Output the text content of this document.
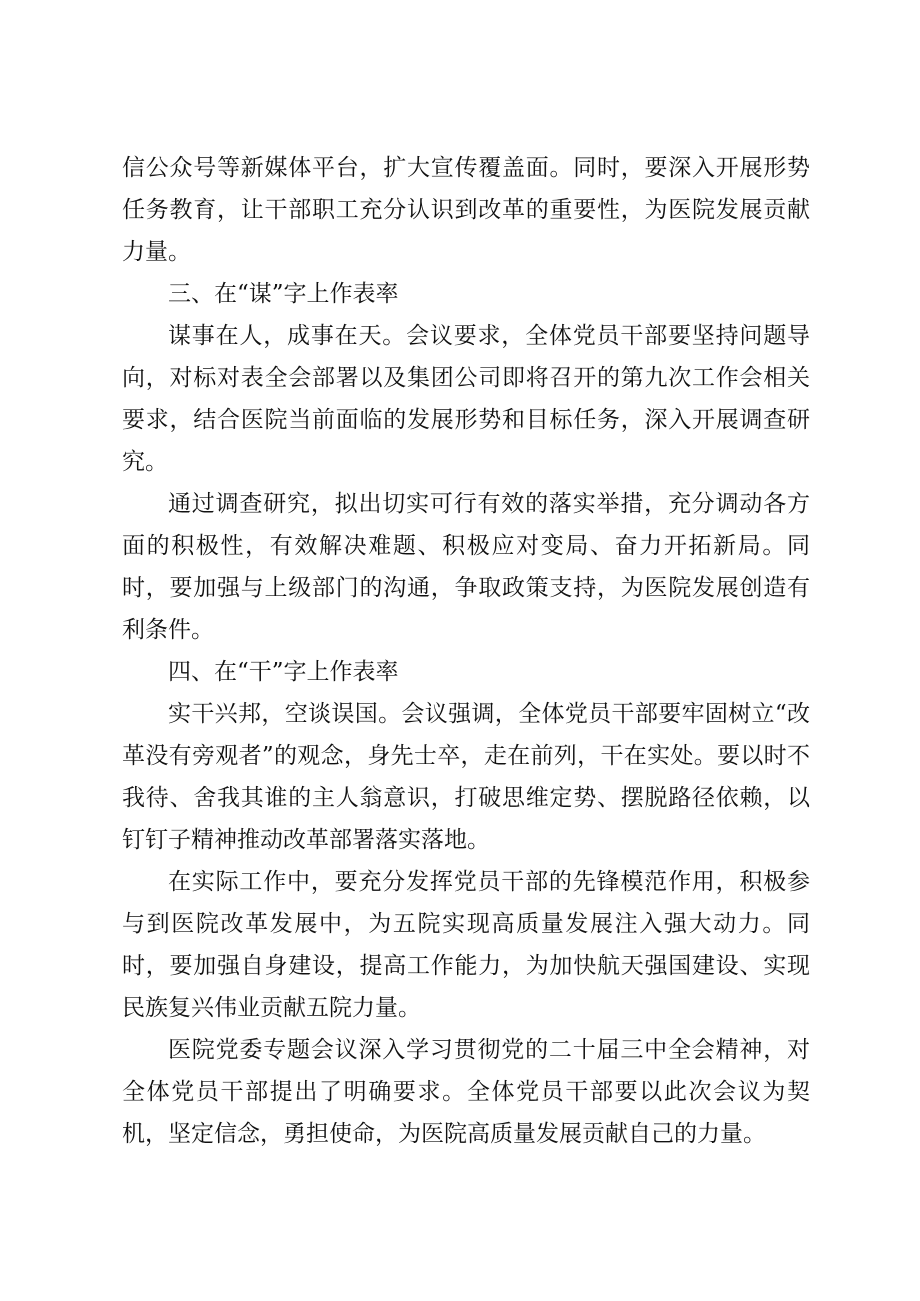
信公众号等新媒体平台，扩大宣传覆盖面。同时，要深入开展形势任务教育，让干部职工充分认识到改革的重要性，为医院发展贡献力量。

三、在“谋”字上作表率

谋事在人，成事在天。会议要求，全体党员干部要坚持问题导向，对标对表全会部署以及集团公司即将召开的第九次工作会相关要求，结合医院当前面临的发展形势和目标任务，深入开展调查研究。

通过调查研究，拟出切实可行有效的落实举措，充分调动各方面的积极性，有效解决难题、积极应对变局、奋力开拓新局。同时，要加强与上级部门的沟通，争取政策支持，为医院发展创造有利条件。

四、在“干”字上作表率

实干兴邦，空谈误国。会议强调，全体党员干部要牢固树立“改革没有旁观者”的观念，身先士卒，走在前列，干在实处。要以时不我待、舍我其谁的主人翁意识，打破思维定势、摆脱路径依赖，以钉钉子精神推动改革部署落实落地。

在实际工作中，要充分发挥党员干部的先锋模范作用，积极参与到医院改革发展中，为五院实现高质量发展注入强大动力。同时，要加强自身建设，提高工作能力，为加快航天强国建设、实现民族复兴伟业贡献五院力量。

医院党委专题会议深入学习贯彻党的二十届三中全会精神，对全体党员干部提出了明确要求。全体党员干部要以此次会议为契机，坚定信念，勇担使命，为医院高质量发展贡献自己的力量。
